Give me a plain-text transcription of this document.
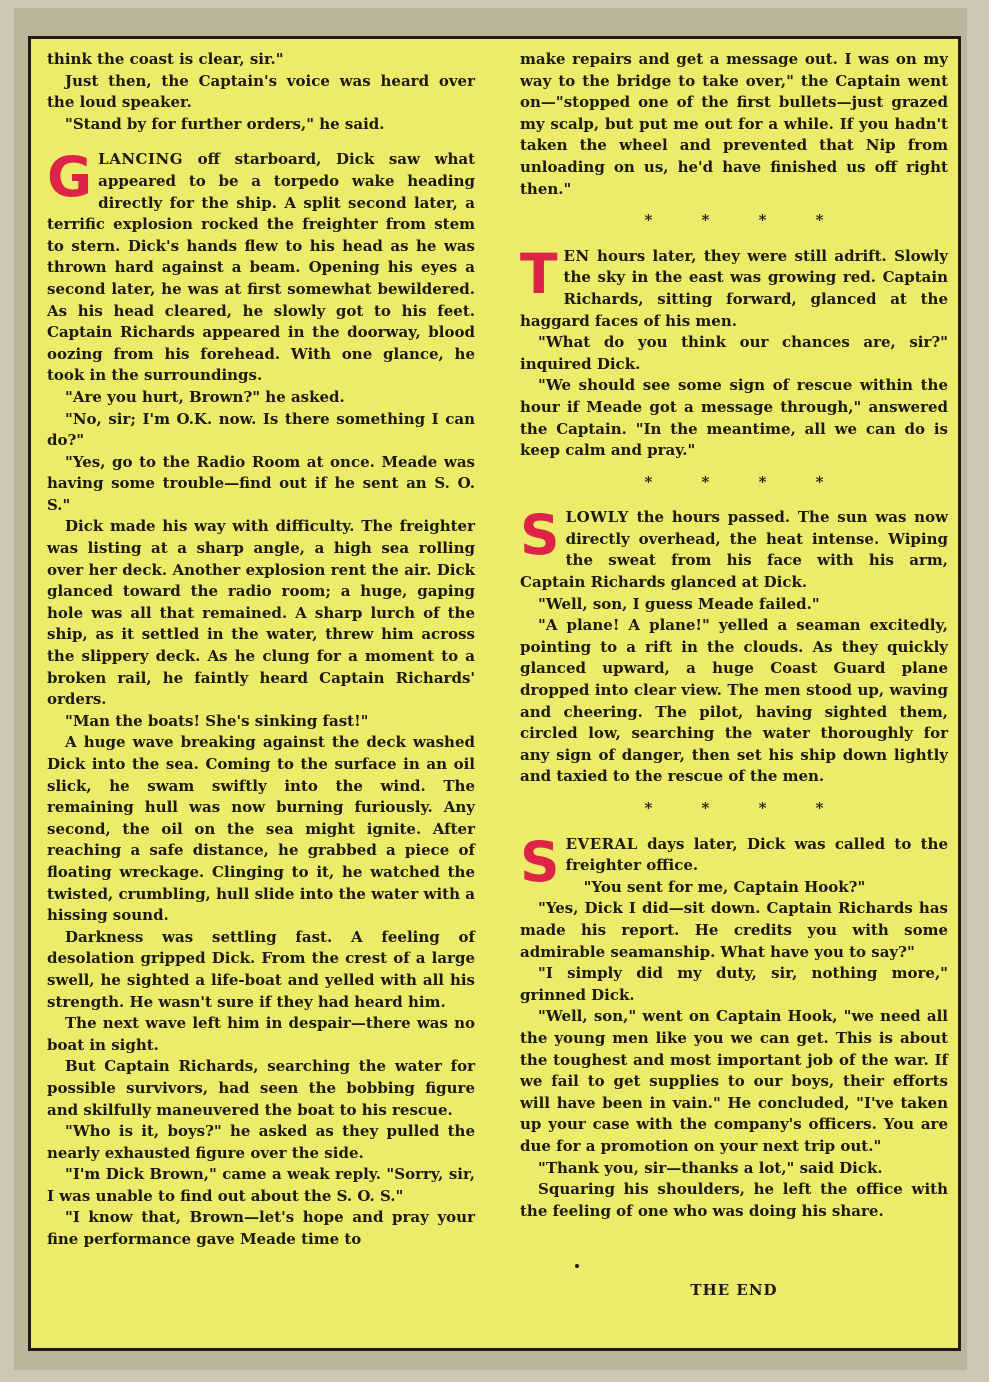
think the coast is clear, sir."

Just then, the Captain's voice was heard over the loud speaker.

"Stand by for further orders," he said.

GLANCING off starboard, Dick saw what appeared to be a torpedo wake heading directly for the ship. A split second later, a terrific explosion rocked the freighter from stem to stern. Dick's hands flew to his head as he was thrown hard against a beam. Opening his eyes a second later, he was at first somewhat bewildered. As his head cleared, he slowly got to his feet. Captain Richards appeared in the doorway, blood oozing from his forehead. With one glance, he took in the surroundings.

"Are you hurt, Brown?" he asked.

"No, sir; I'm O.K. now. Is there something I can do?"

"Yes, go to the Radio Room at once. Meade was having some trouble—find out if he sent an S. O. S."

Dick made his way with difficulty. The freighter was listing at a sharp angle, a high sea rolling over her deck. Another explosion rent the air. Dick glanced toward the radio room; a huge, gaping hole was all that remained. A sharp lurch of the ship, as it settled in the water, threw him across the slippery deck. As he clung for a moment to a broken rail, he faintly heard Captain Richards' orders.

"Man the boats! She's sinking fast!"

A huge wave breaking against the deck washed Dick into the sea. Coming to the surface in an oil slick, he swam swiftly into the wind. The remaining hull was now burning furiously. Any second, the oil on the sea might ignite. After reaching a safe distance, he grabbed a piece of floating wreckage. Clinging to it, he watched the twisted, crumbling, hull slide into the water with a hissing sound.

Darkness was settling fast. A feeling of desolation gripped Dick. From the crest of a large swell, he sighted a life-boat and yelled with all his strength. He wasn't sure if they had heard him.

The next wave left him in despair—there was no boat in sight.

But Captain Richards, searching the water for possible survivors, had seen the bobbing figure and skilfully maneuvered the boat to his rescue.

"Who is it, boys?" he asked as they pulled the nearly exhausted figure over the side.

"I'm Dick Brown," came a weak reply. "Sorry, sir, I was unable to find out about the S. O. S."

"I know that, Brown—let's hope and pray your fine performance gave Meade time to

make repairs and get a message out. I was on my way to the bridge to take over," the Captain went on—"stopped one of the first bullets—just grazed my scalp, but put me out for a while. If you hadn't taken the wheel and prevented that Nip from unloading on us, he'd have finished us off right then."

* * * *

TEN hours later, they were still adrift. Slowly the sky in the east was growing red. Captain Richards, sitting forward, glanced at the haggard faces of his men.

"What do you think our chances are, sir?" inquired Dick.

"We should see some sign of rescue within the hour if Meade got a message through," answered the Captain. "In the meantime, all we can do is keep calm and pray."

* * * *

SLOWLY the hours passed. The sun was now directly overhead, the heat intense. Wiping the sweat from his face with his arm, Captain Richards glanced at Dick.

"Well, son, I guess Meade failed."

"A plane! A plane!" yelled a seaman excitedly, pointing to a rift in the clouds. As they quickly glanced upward, a huge Coast Guard plane dropped into clear view. The men stood up, waving and cheering. The pilot, having sighted them, circled low, searching the water thoroughly for any sign of danger, then set his ship down lightly and taxied to the rescue of the men.

* * * *

SEVERAL days later, Dick was called to the freighter office.

"You sent for me, Captain Hook?"

"Yes, Dick I did—sit down. Captain Richards has made his report. He credits you with some admirable seamanship. What have you to say?"

"I simply did my duty, sir, nothing more," grinned Dick.

"Well, son," went on Captain Hook, "we need all the young men like you we can get. This is about the toughest and most important job of the war. If we fail to get supplies to our boys, their efforts will have been in vain." He concluded, "I've taken up your case with the company's officers. You are due for a promotion on your next trip out."

"Thank you, sir—thanks a lot," said Dick.

Squaring his shoulders, he left the office with the feeling of one who was doing his share.

THE END
